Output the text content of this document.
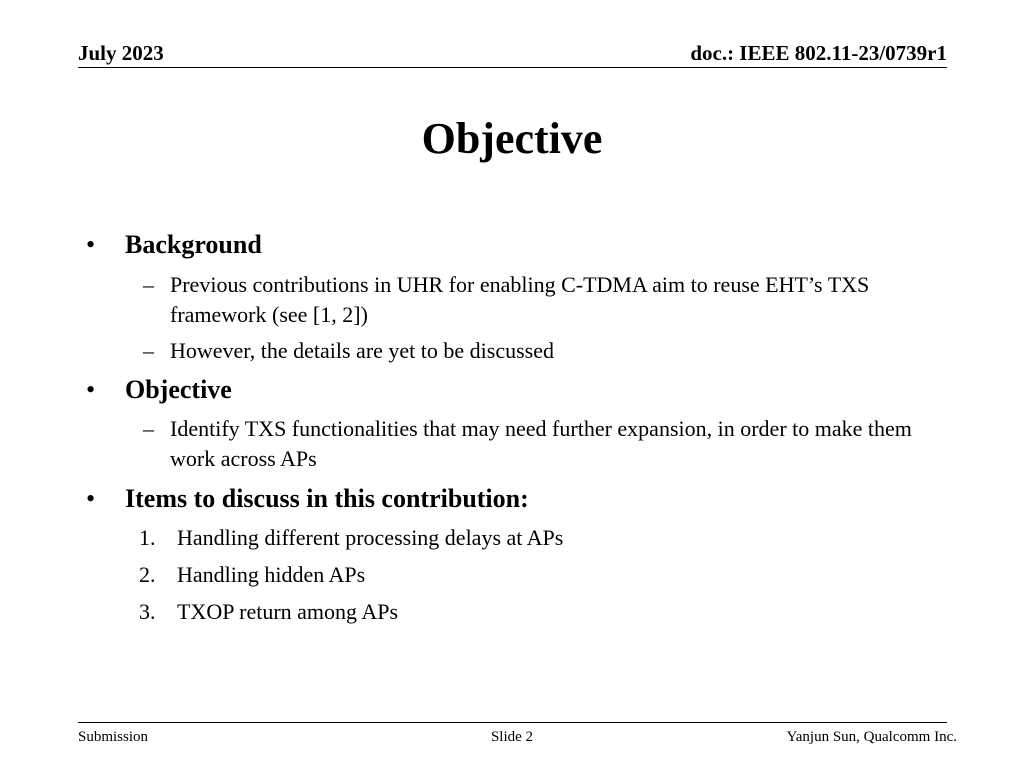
July 2023	doc.: IEEE 802.11-23/0739r1
Objective
• Background
– Previous contributions in UHR for enabling C-TDMA aim to reuse EHT’s TXS framework (see [1, 2])
– However, the details are yet to be discussed
• Objective
– Identify TXS functionalities that may need further expansion, in order to make them work across APs
• Items to discuss in this contribution:
1. Handling different processing delays at APs
2. Handling hidden APs
3. TXOP return among APs
Submission	Slide 2	Yanjun Sun, Qualcomm Inc.
